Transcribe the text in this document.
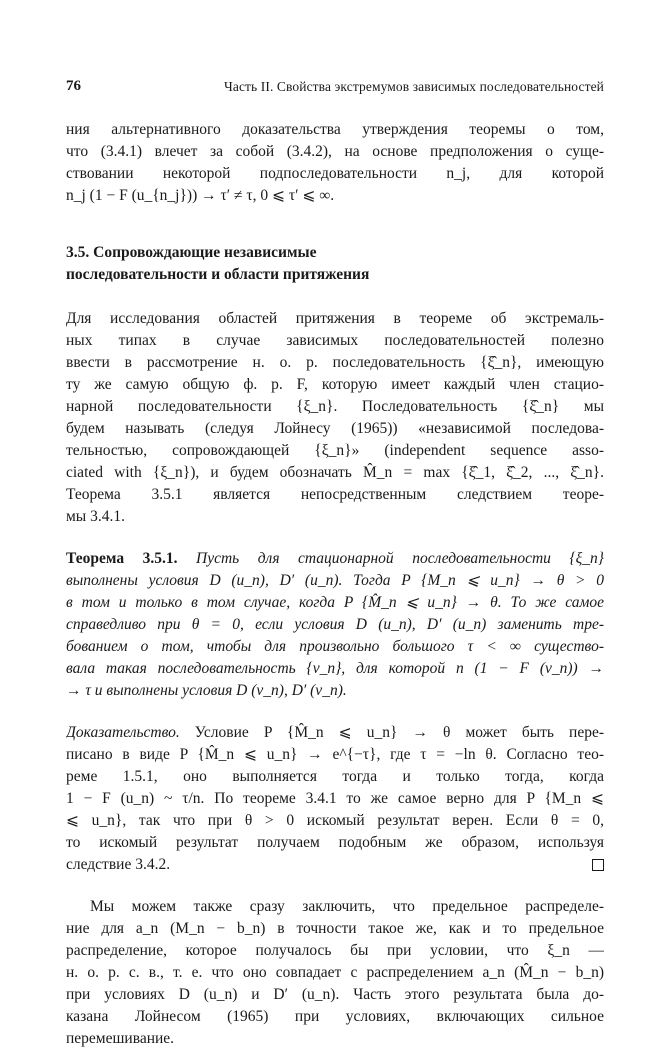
76	Часть II. Свойства экстремумов зависимых последовательностей
ния альтернативного доказательства утверждения теоремы о том,
что (3.4.1) влечет за собой (3.4.2), на основе предположения о суще-
ствовании некоторой подпоследовательности n_j, для которой
n_j (1 − F (u_{n_j})) → τ′ ≠ τ, 0 ⩽ τ′ ⩽ ∞.
3.5. Сопровождающие независимые
последовательности и области притяжения
Для исследования областей притяжения в теореме об экстремаль-
ных типах в случае зависимых последовательностей полезно
ввести в рассмотрение н. о. р. последовательность {ξ̂_n}, имеющую
ту же самую общую ф. р. F, которую имеет каждый член стацио-
нарной последовательности {ξ_n}. Последовательность {ξ̂_n} мы
будем называть (следуя Лойнесу (1965)) «независимой последова-
тельностью, сопровождающей {ξ_n}» (independent sequence asso-
ciated with {ξ_n}), и будем обозначать M̂_n = max {ξ̂_1, ξ̂_2, ..., ξ̂_n}.
Теорема 3.5.1 является непосредственным следствием теоре-
мы 3.4.1.
Теорема 3.5.1. Пусть для стационарной последовательности {ξ_n}
выполнены условия D (u_n), D′ (u_n). Тогда P {M_n ⩽ u_n} → θ > 0
в том и только в том случае, когда P {M̂_n ⩽ u_n} → θ. То же самое
справедливо при θ = 0, если условия D (u_n), D′ (u_n) заменить тре-
бованием о том, чтобы для произвольно большого τ < ∞ существо-
вала такая последовательность {v_n}, для которой n (1 − F (v_n)) →
→ τ и выполнены условия D (v_n), D′ (v_n).
Доказательство. Условие P {M̂_n ⩽ u_n} → θ может быть пере-
писано в виде P {M̂_n ⩽ u_n} → e^{−τ}, где τ = −ln θ. Согласно тео-
реме 1.5.1, оно выполняется тогда и только тогда, когда
1 − F (u_n) ~ τ/n. По теореме 3.4.1 то же самое верно для P {M_n ⩽
⩽ u_n}, так что при θ > 0 искомый результат верен. Если θ = 0,
то искомый результат получаем подобным же образом, используя
следствие 3.4.2.
Мы можем также сразу заключить, что предельное распределе-
ние для a_n (M_n − b_n) в точности такое же, как и то предельное
распределение, которое получалось бы при условии, что ξ_n —
н. о. р. с. в., т. е. что оно совпадает с распределением a_n (M̂_n − b_n)
при условиях D (u_n) и D′ (u_n). Часть этого результата была до-
казана Лойнесом (1965) при условиях, включающих сильное
перемешивание.
